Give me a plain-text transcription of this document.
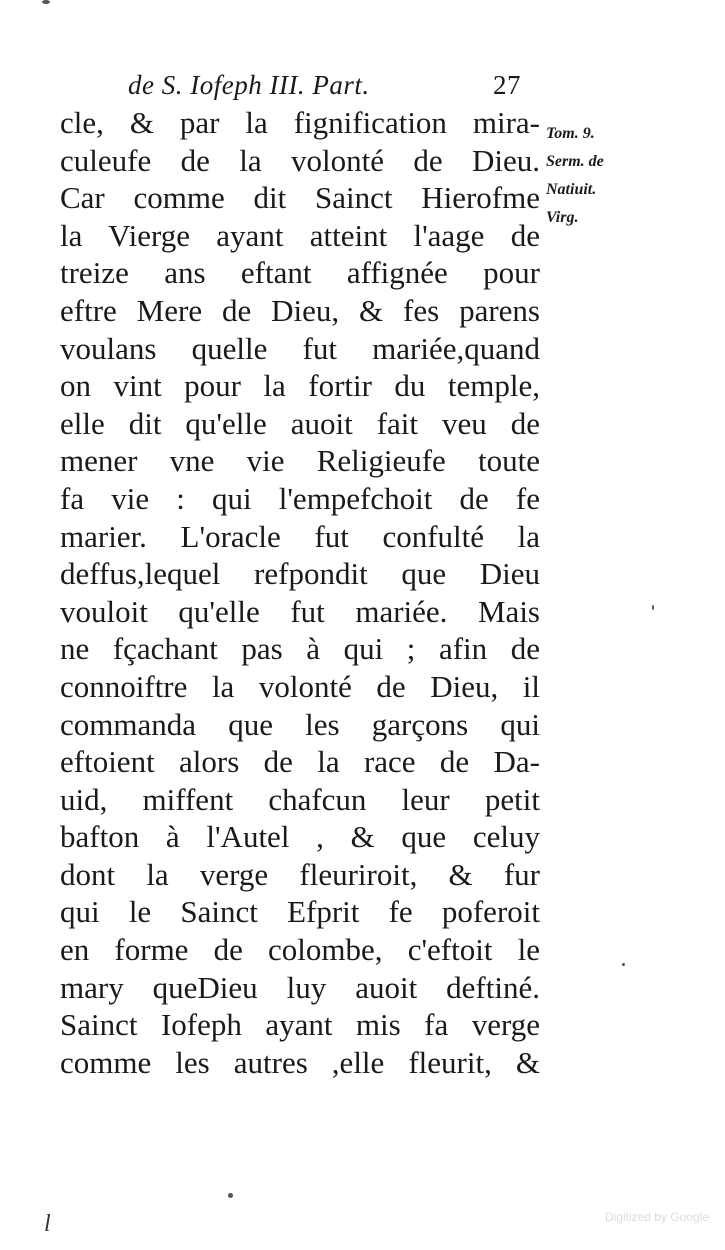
de S. Iofeph III. Part.	27
cle, & par la fignification mira-
culeufe de la volonté de Dieu.
Car comme dit Sainct Hierofme
la Vierge ayant atteint l'aage de
treize ans eftant affignée pour
eftre Mere de Dieu, & fes parens
voulans quelle fut mariée,quand
on vint pour la fortir du temple,
elle dit qu'elle auoit fait veu de
mener vne vie Religieufe toute
fa vie : qui l'empefchoit de fe
marier. L'oracle fut confulté la
deffus,lequel refpondit que Dieu
vouloit qu'elle fut mariée. Mais
ne fçachant pas à qui ; afin de
connoiftre la volonté de Dieu, il
commanda que les garçons qui
eftoient alors de la race de Da-
uid, miffent chafcun leur petit
bafton à l'Autel , & que celuy
dont la verge fleuriroit, & fur
qui le Sainct Efprit fe poferoit
en forme de colombe, c'eftoit le
mary queDieu luy auoit deftiné.
Sainct Iofeph ayant mis fa verge
comme les autres ,elle fleurit, &
Tom. 9.
Serm. de
Natiuit.
Virg.
l	Digitized by Google
